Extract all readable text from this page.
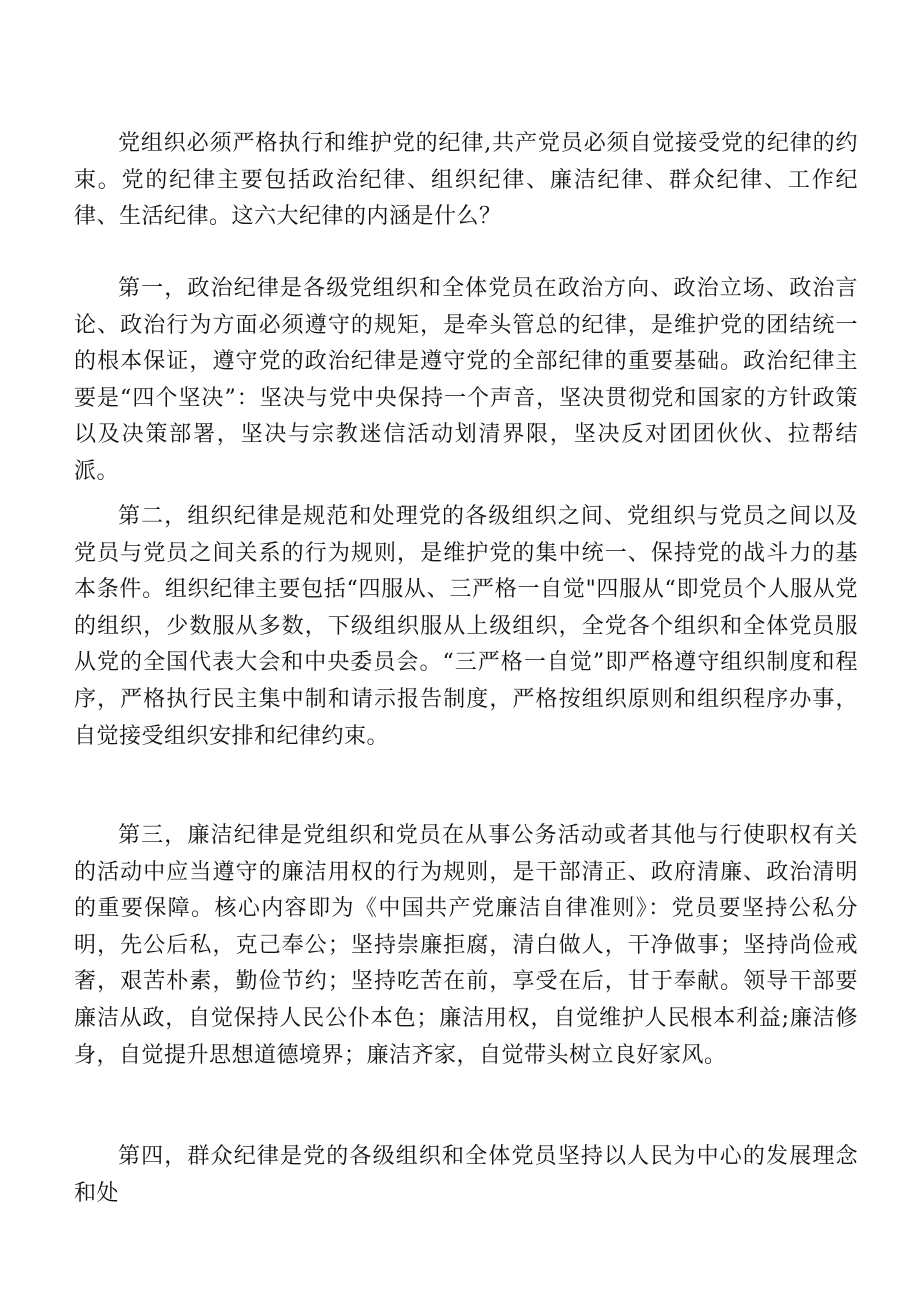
党组织必须严格执行和维护党的纪律,共产党员必须自觉接受党的纪律的约束。党的纪律主要包括政治纪律、组织纪律、廉洁纪律、群众纪律、工作纪律、生活纪律。这六大纪律的内涵是什么？

第一，政治纪律是各级党组织和全体党员在政治方向、政治立场、政治言论、政治行为方面必须遵守的规矩，是牵头管总的纪律，是维护党的团结统一的根本保证，遵守党的政治纪律是遵守党的全部纪律的重要基础。政治纪律主要是“四个坚决”：坚决与党中央保持一个声音，坚决贯彻党和国家的方针政策以及决策部署，坚决与宗教迷信活动划清界限，坚决反对团团伙伙、拉帮结派。

第二，组织纪律是规范和处理党的各级组织之间、党组织与党员之间以及党员与党员之间关系的行为规则，是维护党的集中统一、保持党的战斗力的基本条件。组织纪律主要包括“四服从、三严格一自觉"四服从“即党员个人服从党的组织，少数服从多数，下级组织服从上级组织，全党各个组织和全体党员服从党的全国代表大会和中央委员会。“三严格一自觉”即严格遵守组织制度和程序，严格执行民主集中制和请示报告制度，严格按组织原则和组织程序办事，自觉接受组织安排和纪律约束。

第三，廉洁纪律是党组织和党员在从事公务活动或者其他与行使职权有关的活动中应当遵守的廉洁用权的行为规则，是干部清正、政府清廉、政治清明的重要保障。核心内容即为《中国共产党廉洁自律准则》：党员要坚持公私分明，先公后私，克己奉公；坚持崇廉拒腐，清白做人，干净做事；坚持尚俭戒奢，艰苦朴素，勤俭节约；坚持吃苦在前，享受在后，甘于奉献。领导干部要廉洁从政，自觉保持人民公仆本色；廉洁用权，自觉维护人民根本利益;廉洁修身，自觉提升思想道德境界；廉洁齐家，自觉带头树立良好家风。

第四，群众纪律是党的各级组织和全体党员坚持以人民为中心的发展理念和处
